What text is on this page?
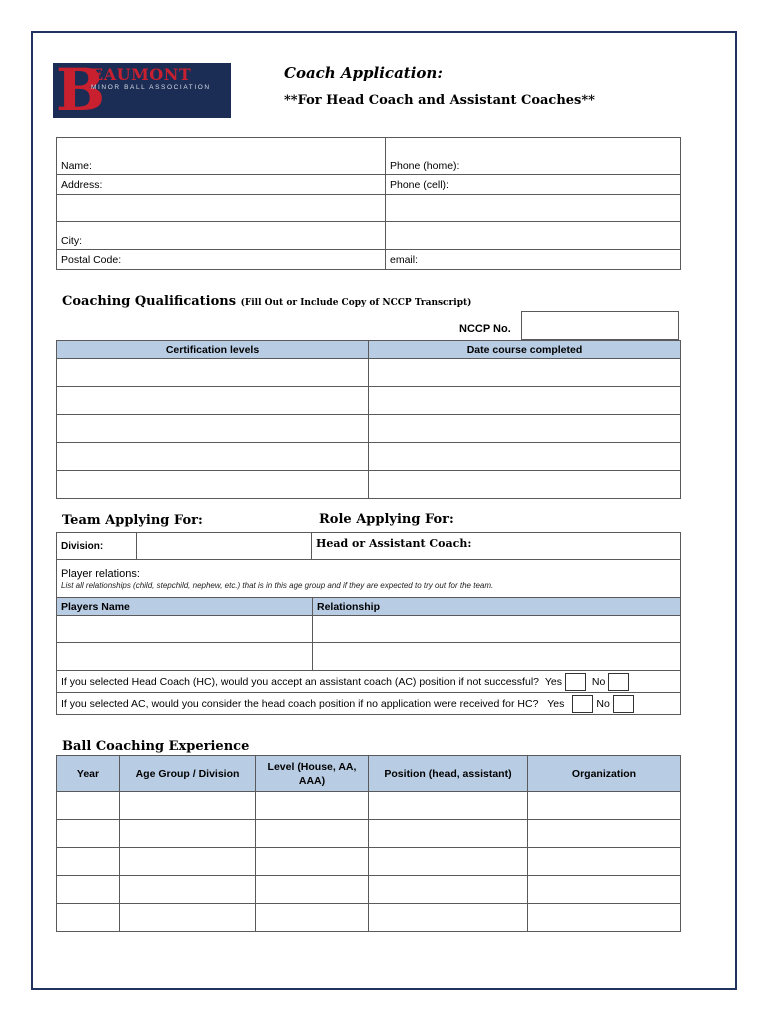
B
EAUMONT
MINOR BALL ASSOCIATION
Coach Application:
**For Head Coach and Assistant Coaches**
Name:	Phone (home):
Address:	Phone (cell):

City:	
Postal Code:	email:
Coaching Qualifications (Fill Out or Include Copy of NCCP Transcript)
NCCP No.
Certification levels	Date course completed

Team Applying For:	Role Applying For:
Division:		Head or Assistant Coach:
Player relations:
List all relationships (child, stepchild, nephew, etc.) that is in this age group and if they are expected to try out for the team.	

Players Name	Relationship

If you selected Head Coach (HC), would you accept an assistant coach (AC) position if not successful? Yes No	
If you selected AC, would you consider the head coach position if no application were received for HC? Yes No	
Ball Coaching Experience
Year	Age Group / Division	Level (House, AA, AAA)	Position (head, assistant)	Organization
